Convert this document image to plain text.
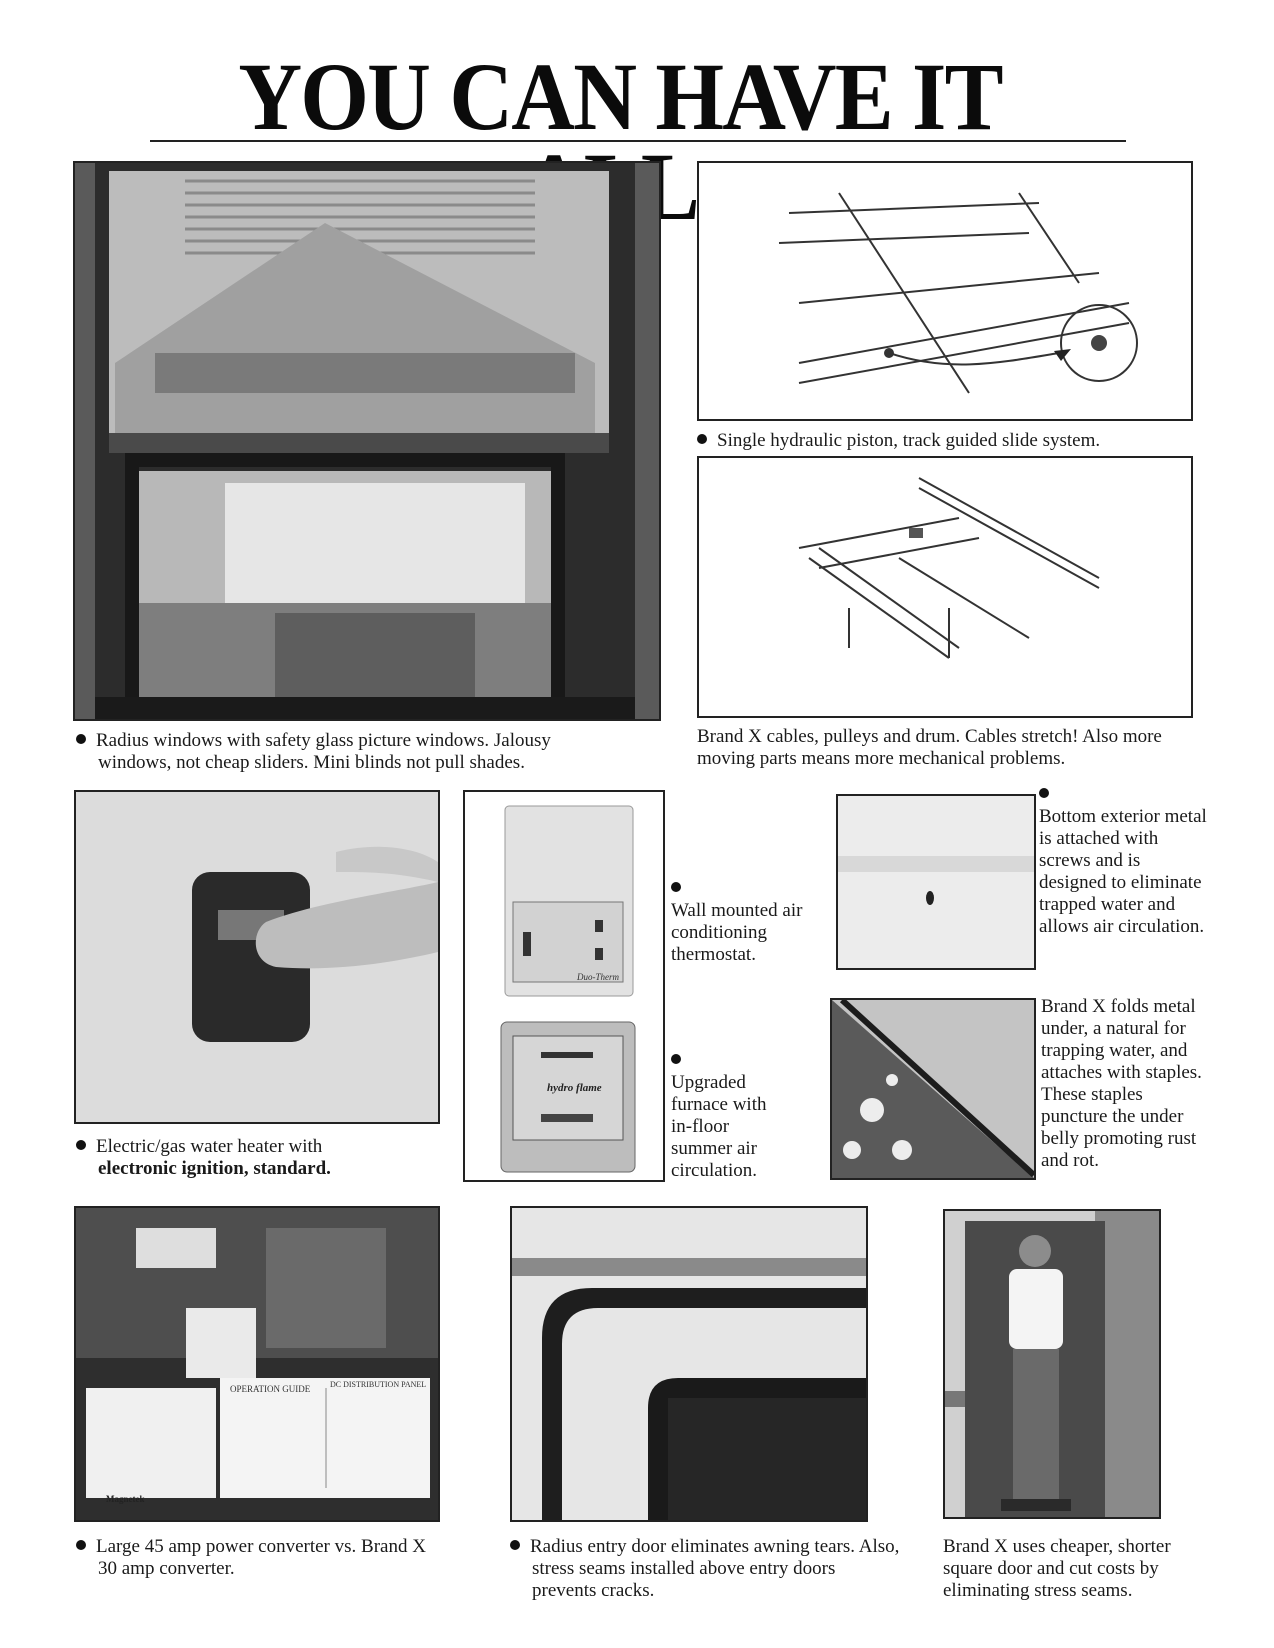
YOU CAN HAVE IT
Radius windows with safety glass picture windows. Jalousy windows, not cheap sliders. Mini blinds not pull shades.
Single hydraulic piston, track guided slide system.
Brand X cables, pulleys and drum. Cables stretch! Also more moving parts means more mechanical problems.
Electric/gas water heater with
electronic ignition, standard.
Duo-Therm
hydro flame

Wall mounted air conditioning thermostat.

Upgraded furnace with in-floor summer air circulation.

Bottom exterior metal is attached with screws and is designed to eliminate trapped water and allows air circulation.
Brand X folds metal under, a natural for trapping water, and attaches with staples. These staples puncture the under belly promoting rust and rot.
OPERATION GUIDE DC DISTRIBUTION PANEL
Magnetek
Large 45 amp power converter vs. Brand X 30 amp converter.
Radius entry door eliminates awning tears. Also, stress seams installed above entry doors prevents cracks.
Brand X uses cheaper, shorter square door and cut costs by eliminating stress seams.
